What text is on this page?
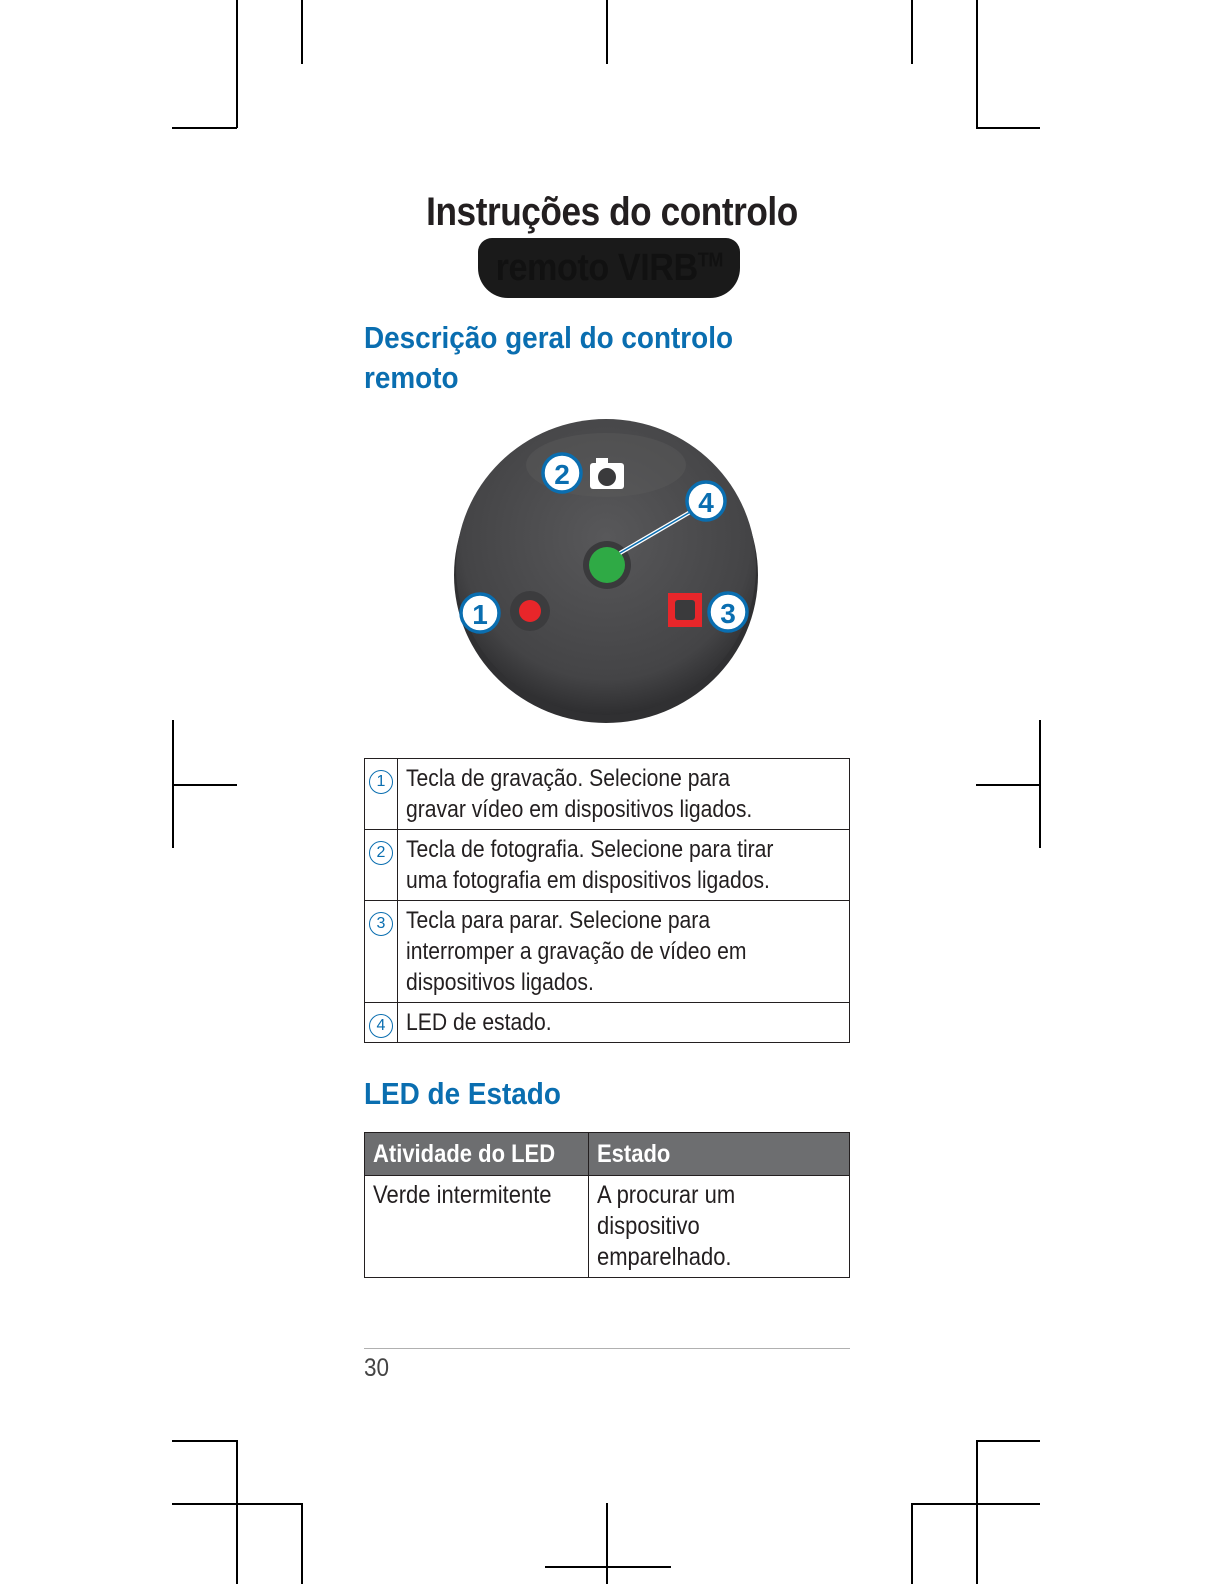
Instruções do controlo
remoto VIRB™
Descrição geral do controlo
remoto
1
2
3
4
1	Tecla de gravação. Selecione para
gravar vídeo em dispositivos ligados.
2	Tecla de fotografia. Selecione para tirar
uma fotografia em dispositivos ligados.
3	Tecla para parar. Selecione para
interromper a gravação de vídeo em
dispositivos ligados.
4	LED de estado.
LED de Estado
Atividade do LED	Estado
Verde intermitente	A procurar um
dispositivo
emparelhado.
30
